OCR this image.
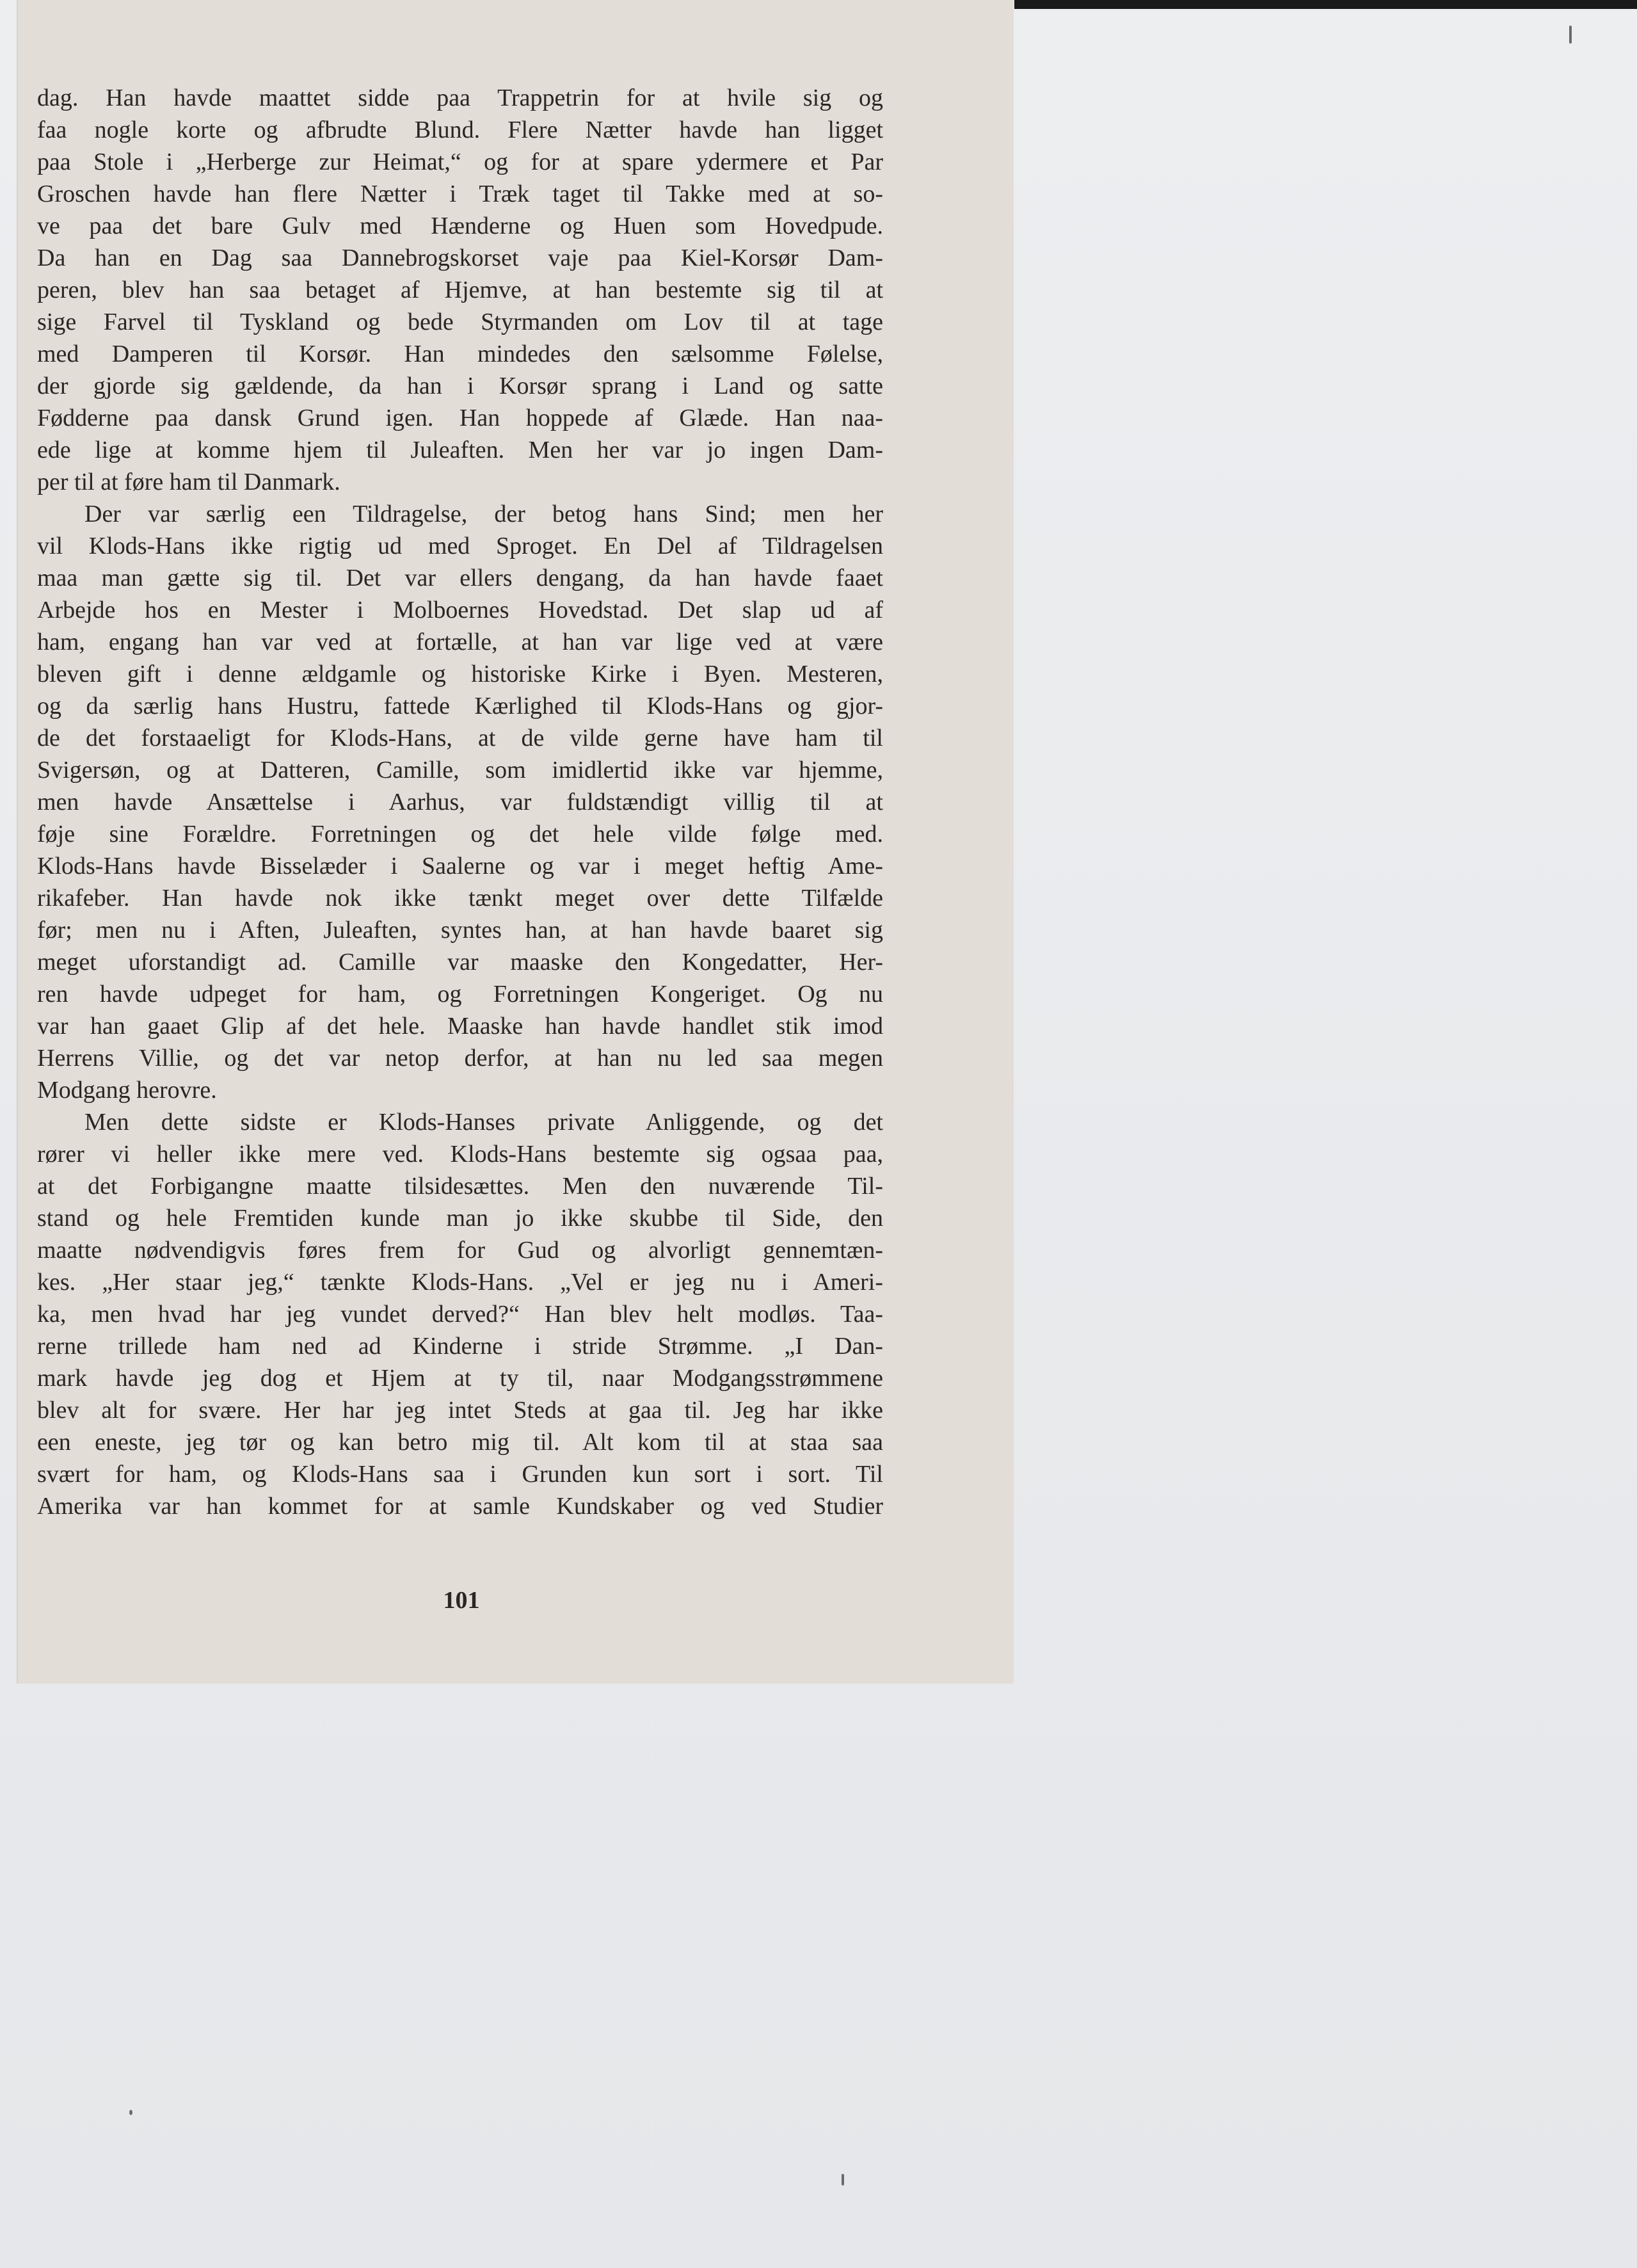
dag. Han havde maattet sidde paa Trappetrin for at hvile sig og
faa nogle korte og afbrudte Blund. Flere Nætter havde han ligget
paa Stole i „Herberge zur Heimat,“ og for at spare ydermere et Par
Groschen havde han flere Nætter i Træk taget til Takke med at so-
ve paa det bare Gulv med Hænderne og Huen som Hovedpude.
Da han en Dag saa Dannebrogskorset vaje paa Kiel-Korsør Dam-
peren, blev han saa betaget af Hjemve, at han bestemte sig til at
sige Farvel til Tyskland og bede Styrmanden om Lov til at tage
med Damperen til Korsør. Han mindedes den sælsomme Følelse,
der gjorde sig gældende, da han i Korsør sprang i Land og satte
Fødderne paa dansk Grund igen. Han hoppede af Glæde. Han naa-
ede lige at komme hjem til Juleaften. Men her var jo ingen Dam-
per til at føre ham til Danmark.
Der var særlig een Tildragelse, der betog hans Sind; men her
vil Klods-Hans ikke rigtig ud med Sproget. En Del af Tildragelsen
maa man gætte sig til. Det var ellers dengang, da han havde faaet
Arbejde hos en Mester i Molboernes Hovedstad. Det slap ud af
ham, engang han var ved at fortælle, at han var lige ved at være
bleven gift i denne ældgamle og historiske Kirke i Byen. Mesteren,
og da særlig hans Hustru, fattede Kærlighed til Klods-Hans og gjor-
de det forstaaeligt for Klods-Hans, at de vilde gerne have ham til
Svigersøn, og at Datteren, Camille, som imidlertid ikke var hjemme,
men havde Ansættelse i Aarhus, var fuldstændigt villig til at
føje sine Forældre. Forretningen og det hele vilde følge med.
Klods-Hans havde Bisselæder i Saalerne og var i meget heftig Ame-
rikafeber. Han havde nok ikke tænkt meget over dette Tilfælde
før; men nu i Aften, Juleaften, syntes han, at han havde baaret sig
meget uforstandigt ad. Camille var maaske den Kongedatter, Her-
ren havde udpeget for ham, og Forretningen Kongeriget. Og nu
var han gaaet Glip af det hele. Maaske han havde handlet stik imod
Herrens Villie, og det var netop derfor, at han nu led saa megen
Modgang herovre.
Men dette sidste er Klods-Hanses private Anliggende, og det
rører vi heller ikke mere ved. Klods-Hans bestemte sig ogsaa paa,
at det Forbigangne maatte tilsidesættes. Men den nuværende Til-
stand og hele Fremtiden kunde man jo ikke skubbe til Side, den
maatte nødvendigvis føres frem for Gud og alvorligt gennemtæn-
kes. „Her staar jeg,“ tænkte Klods-Hans. „Vel er jeg nu i Ameri-
ka, men hvad har jeg vundet derved?“ Han blev helt modløs. Taa-
rerne trillede ham ned ad Kinderne i stride Strømme. „I Dan-
mark havde jeg dog et Hjem at ty til, naar Modgangsstrømmene
blev alt for svære. Her har jeg intet Steds at gaa til. Jeg har ikke
een eneste, jeg tør og kan betro mig til. Alt kom til at staa saa
svært for ham, og Klods-Hans saa i Grunden kun sort i sort. Til
Amerika var han kommet for at samle Kundskaber og ved Studier
101
